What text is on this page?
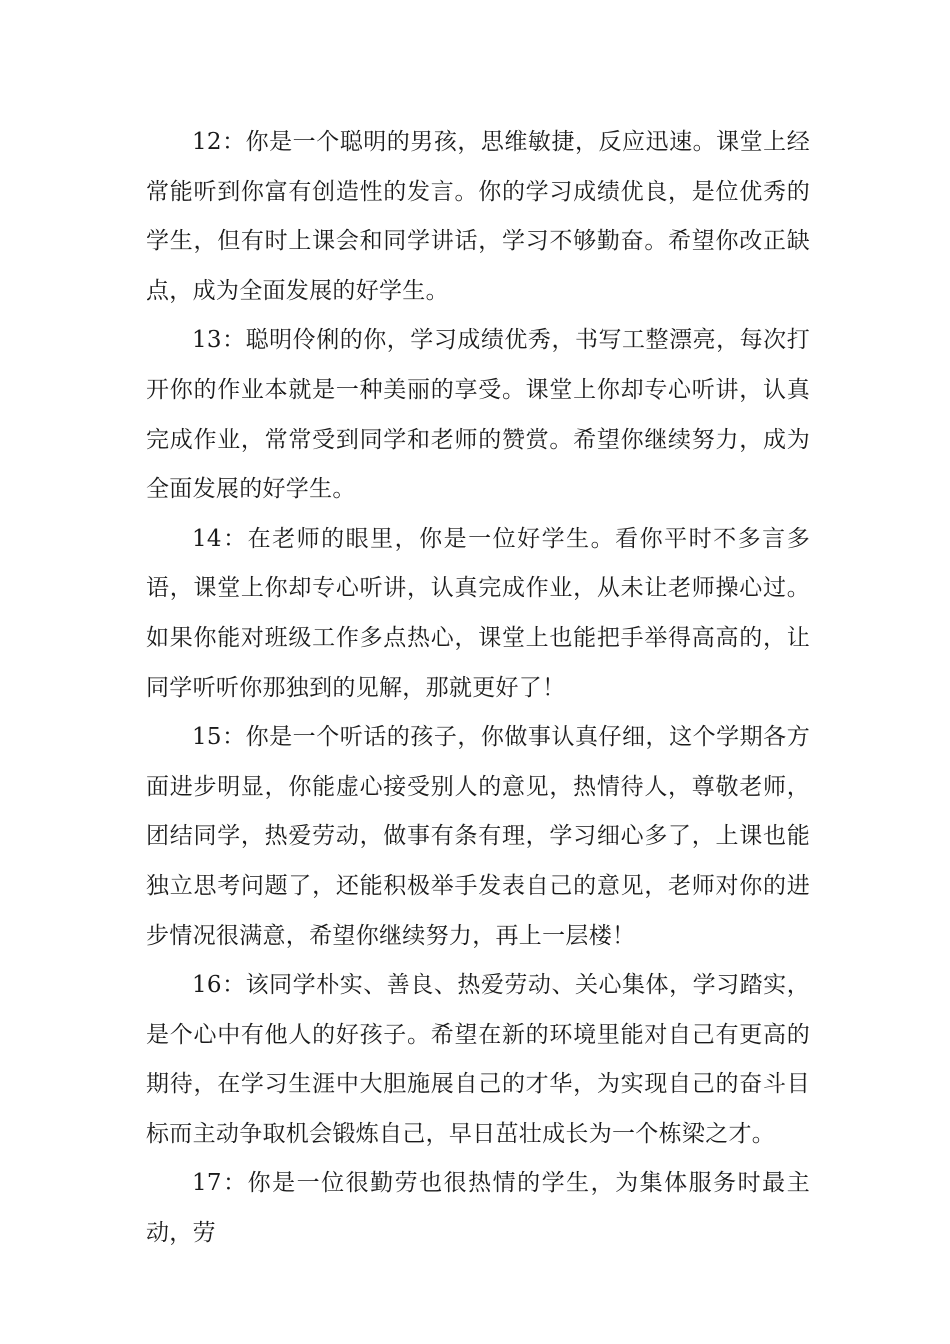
12：你是一个聪明的男孩，思维敏捷，反应迅速。课堂上经常能听到你富有创造性的发言。你的学习成绩优良，是位优秀的学生，但有时上课会和同学讲话，学习不够勤奋。希望你改正缺点，成为全面发展的好学生。

13：聪明伶俐的你，学习成绩优秀，书写工整漂亮，每次打开你的作业本就是一种美丽的享受。课堂上你却专心听讲，认真完成作业，常常受到同学和老师的赞赏。希望你继续努力，成为全面发展的好学生。

14：在老师的眼里，你是一位好学生。看你平时不多言多语，课堂上你却专心听讲，认真完成作业，从未让老师操心过。如果你能对班级工作多点热心，课堂上也能把手举得高高的，让同学听听你那独到的见解，那就更好了！

15：你是一个听话的孩子，你做事认真仔细，这个学期各方面进步明显，你能虚心接受别人的意见，热情待人，尊敬老师，团结同学，热爱劳动，做事有条有理，学习细心多了，上课也能独立思考问题了，还能积极举手发表自己的意见，老师对你的进步情况很满意，希望你继续努力，再上一层楼！

16：该同学朴实、善良、热爱劳动、关心集体，学习踏实，是个心中有他人的好孩子。希望在新的环境里能对自己有更高的期待，在学习生涯中大胆施展自己的才华，为实现自己的奋斗目标而主动争取机会锻炼自己，早日茁壮成长为一个栋梁之才。

17：你是一位很勤劳也很热情的学生，为集体服务时最主动，劳
